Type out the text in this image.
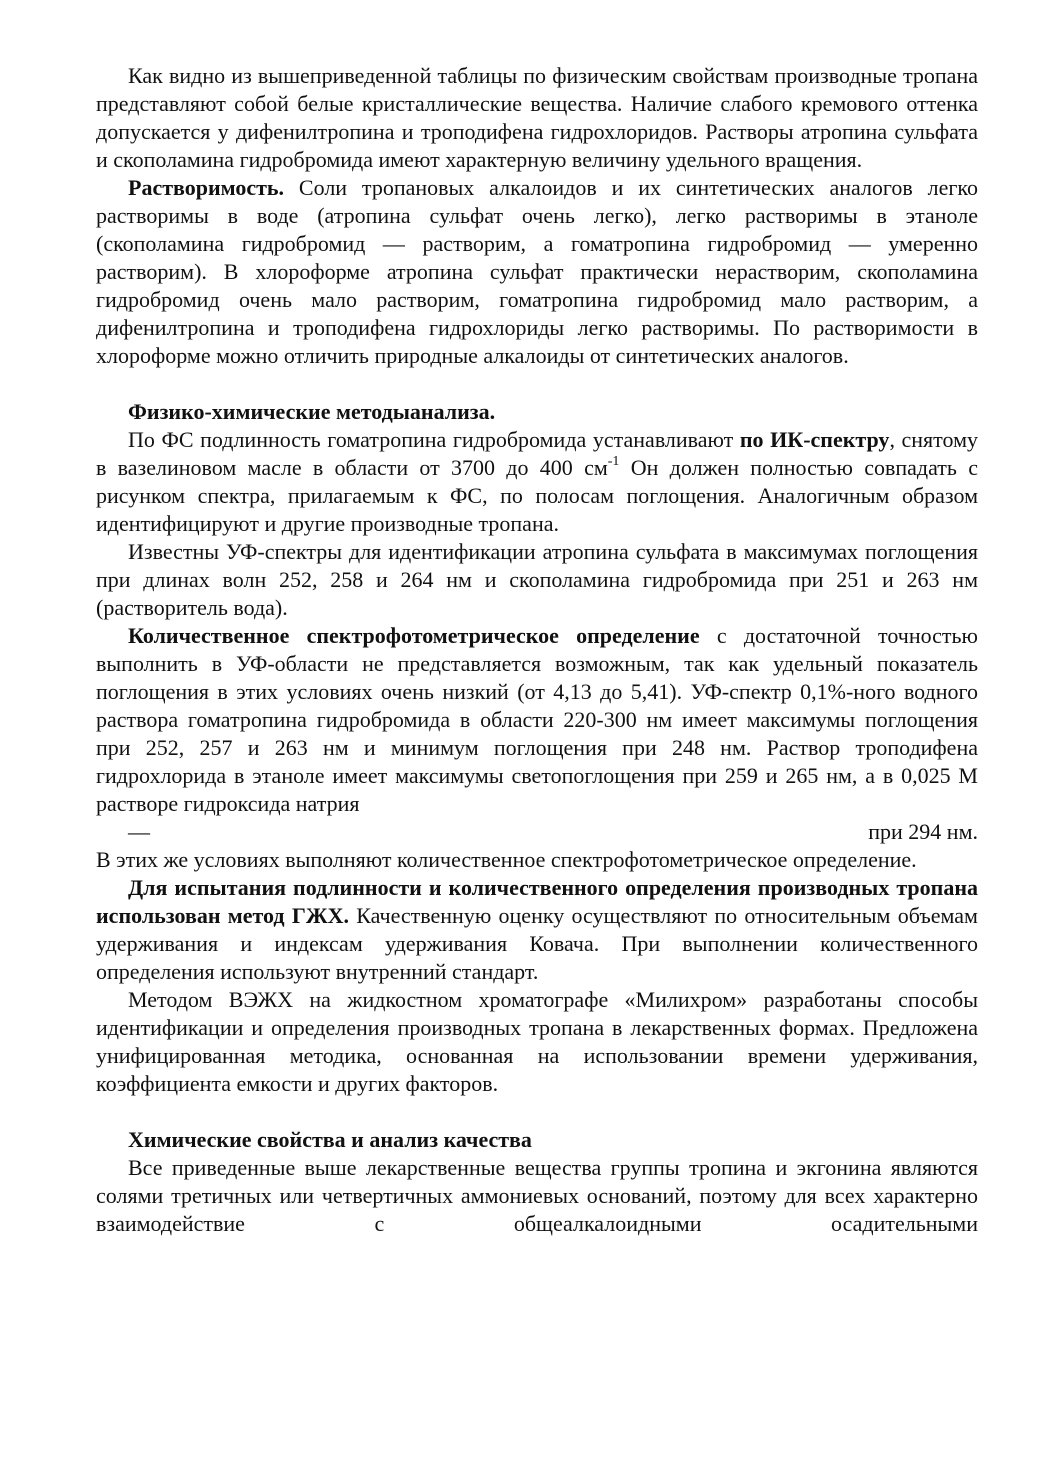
Как видно из вышеприведенной таблицы по физическим свойствам производные тропана представляют собой белые кристаллические вещества. Наличие слабого кремового оттенка допускается у дифенилтропина и троподифена гидрохлоридов. Растворы атропина сульфата и скополамина гидробромида имеют характерную величину удельного вращения.

Растворимость. Соли тропановых алкалоидов и их синтетических аналогов легко растворимы в воде (атропина сульфат очень легко), легко растворимы в этаноле (скополамина гидробромид — растворим, а гоматропина гидробромид — умеренно растворим). В хлороформе атропина сульфат практически нерастворим, скополамина гидробромид очень мало растворим, гоматропина гидробромид мало растворим, а дифенилтропина и троподифена гидрохлориды легко растворимы. По растворимости в хлороформе можно отличить природные алкалоиды от синтетических аналогов.

Физико-химические методыанализа.

По ФС подлинность гоматропина гидробромида устанавливают по ИК-спектру, снятому в вазелиновом масле в области от 3700 до 400 $см^{-1}$ Он должен полностью совпадать с рисунком спектра, прилагаемым к ФС, по полосам поглощения. Аналогичным образом идентифицируют и другие производные тропана.

Известны УФ-спектры для идентификации атропина сульфата в максимумах поглощения при длинах волн 252, 258 и 264 нм и скополамина гидробромида при 251 и 263 нм (растворитель вода).

Количественное спектрофотометрическое определение с достаточной точностью выполнить в УФ-области не представляется возможным, так как удельный показатель поглощения в этих условиях очень низкий (от 4,13 до 5,41). УФ-спектр 0,1%-ного водного раствора гоматропина гидробромида в области 220-300 нм имеет максимумы поглощения при 252, 257 и 263 нм и минимум поглощения при 248 нм. Раствор троподифена гидрохлорида в этаноле имеет максимумы светопоглощения при 259 и 265 нм, а в 0,025 М растворе гидроксида натрия

—	при 294 нм.

В этих же условиях выполняют количественное спектрофотометрическое определение.

Для испытания подлинности и количественного определения производных тропана использован метод ГЖХ. Качественную оценку осуществляют по относительным объемам удерживания и индексам удерживания Ковача. При выполнении количественного определения используют внутренний стандарт.

Методом ВЭЖХ на жидкостном хроматографе «Милихром» разработаны способы идентификации и определения производных тропана в лекарственных формах. Предложена унифицированная методика, основанная на использовании времени удерживания, коэффициента емкости и других факторов.

Химические свойства и анализ качества

Все приведенные выше лекарственные вещества группы тропина и экгонина являются солями третичных или четвертичных аммониевых оснований, поэтому для всех характерно взаимодействие с общеалкалоидными осадительными
